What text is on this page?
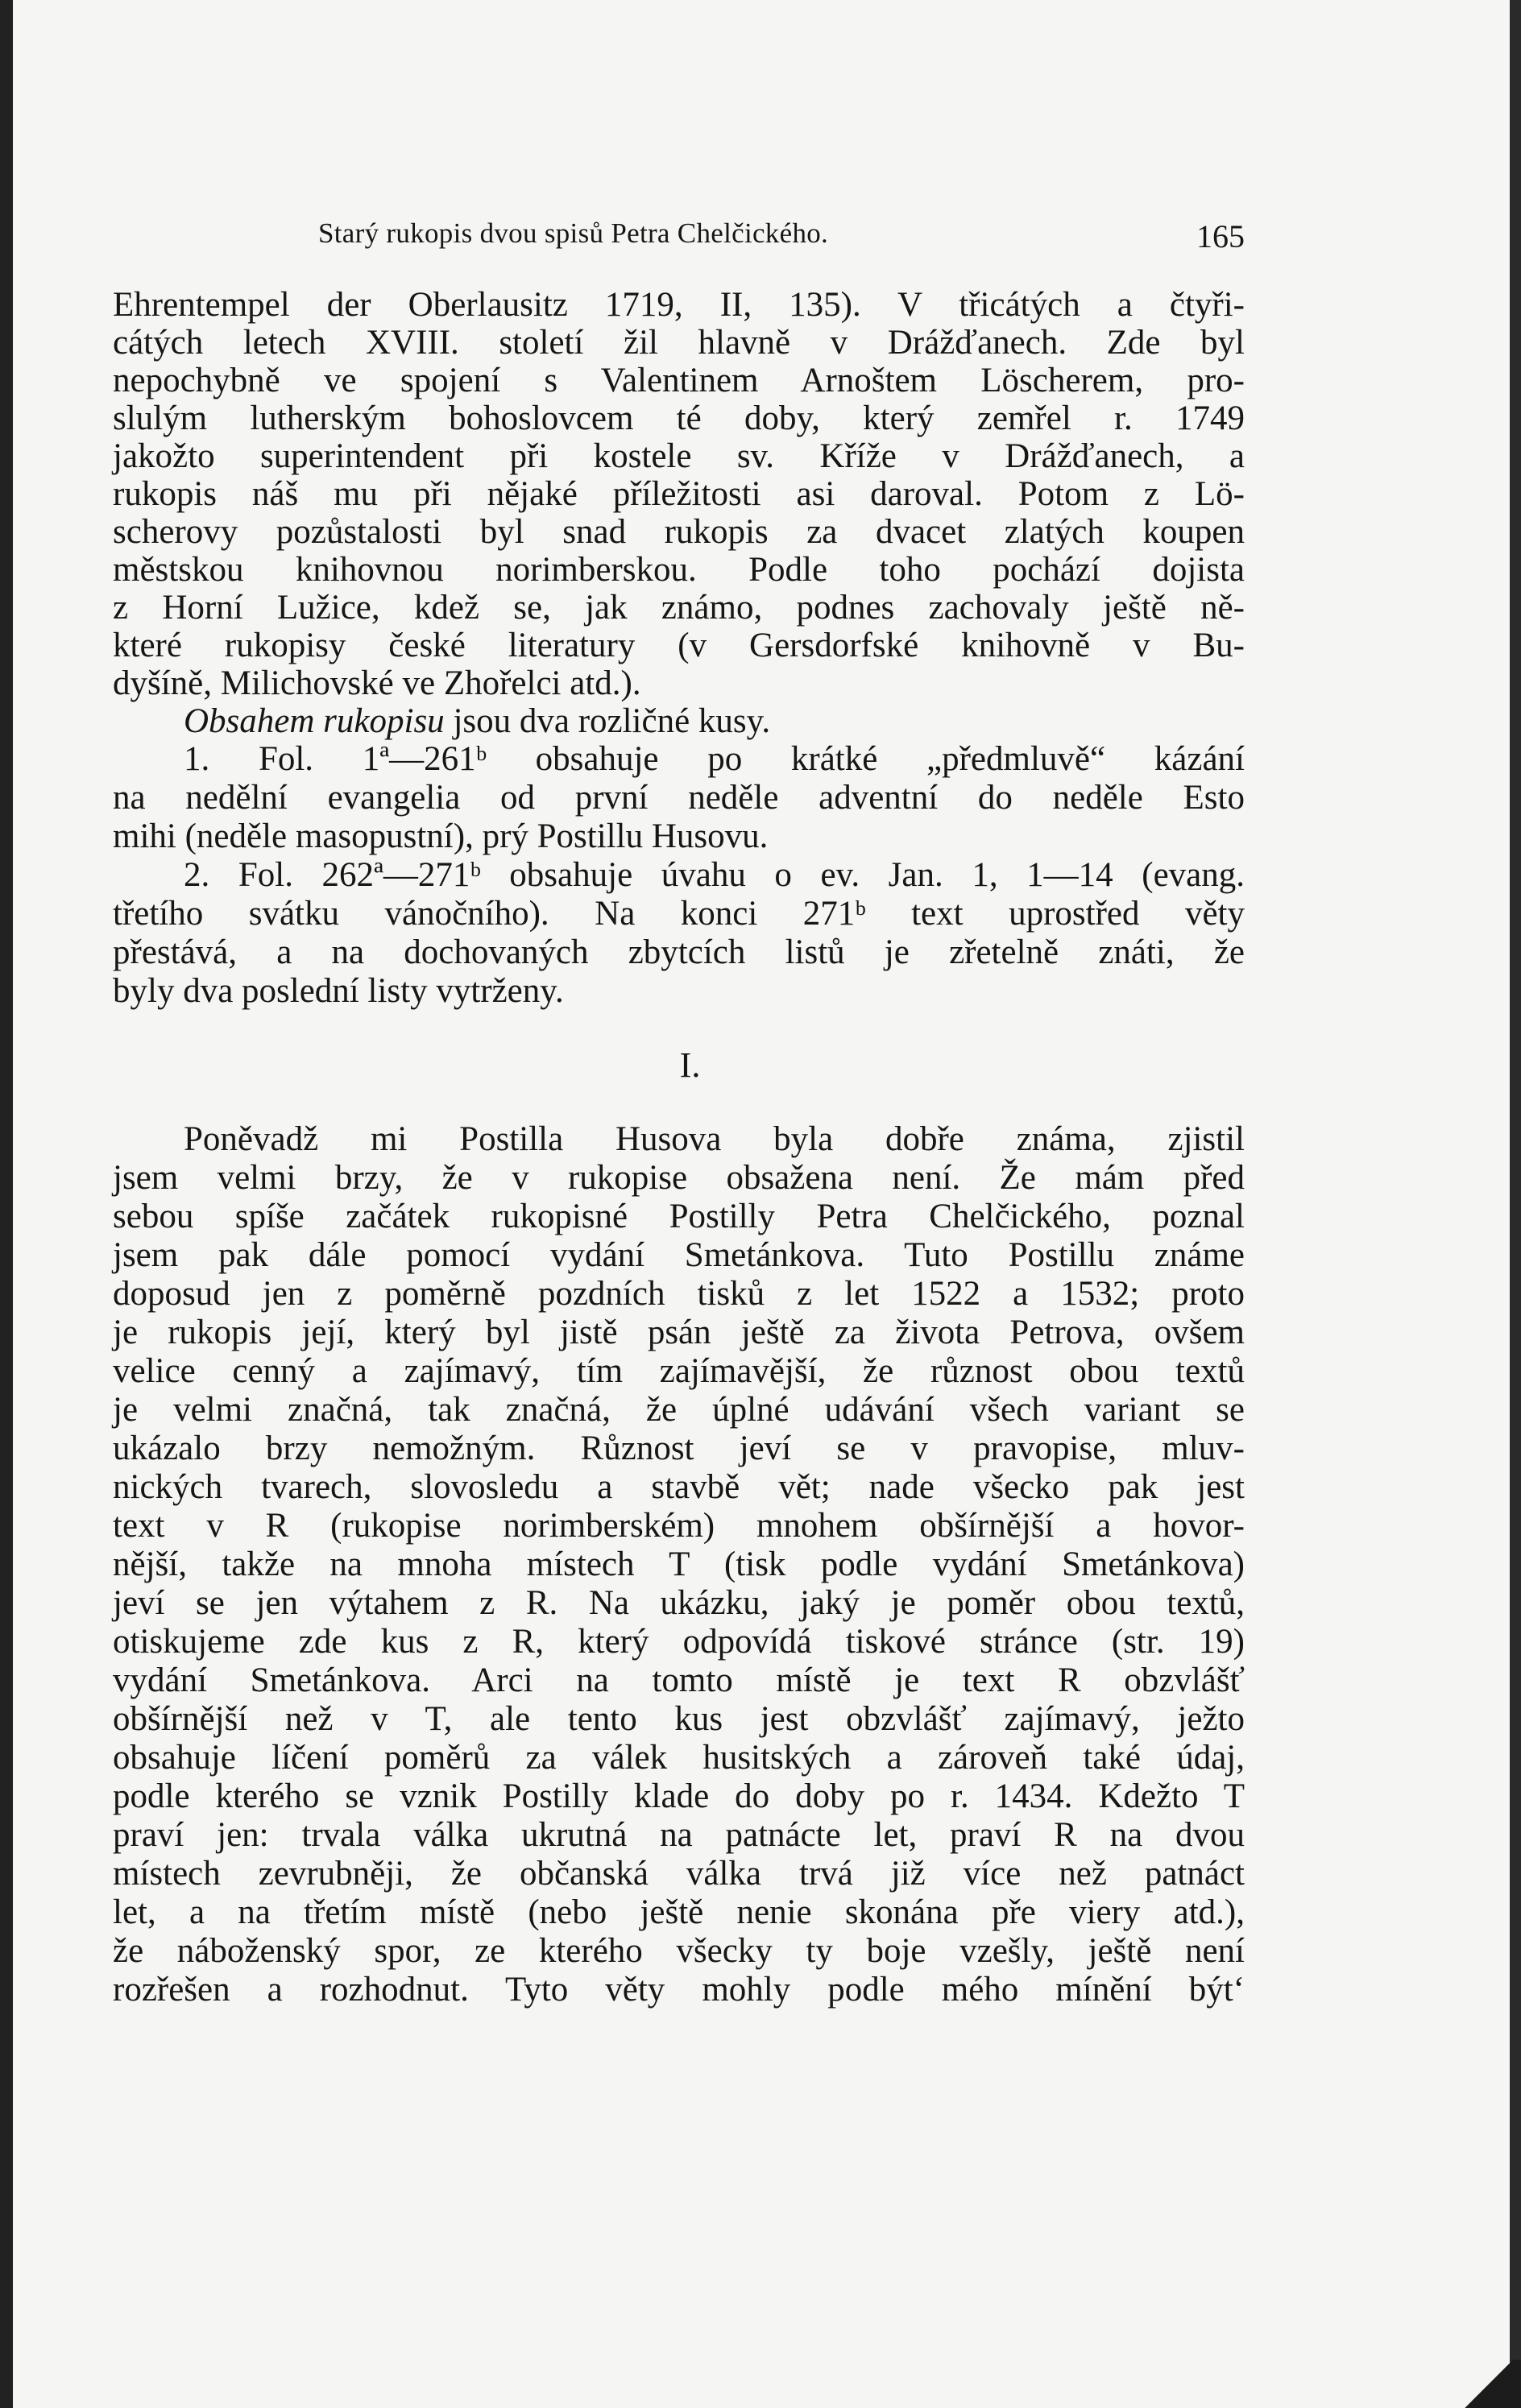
Starý rukopis dvou spisů Petra Chelčického.	165
Ehrentempel der Oberlausitz 1719, II, 135). V třicátých a čtyři-
cátých letech XVIII. století žil hlavně v Drážďanech. Zde byl
nepochybně ve spojení s Valentinem Arnoštem Löscherem, pro-
slulým lutherským bohoslovcem té doby, který zemřel r. 1749
jakožto superintendent při kostele sv. Kříže v Drážďanech, a
rukopis náš mu při nějaké příležitosti asi daroval. Potom z Lö-
scherovy pozůstalosti byl snad rukopis za dvacet zlatých koupen
městskou knihovnou norimberskou. Podle toho pochází dojista
z Horní Lužice, kdež se, jak známo, podnes zachovaly ještě ně-
které rukopisy české literatury (v Gersdorfské knihovně v Bu-
dyšíně, Milichovské ve Zhořelci atd.).
Obsahem rukopisu jsou dva rozličné kusy.
1. Fol. 1ª—261ᵇ obsahuje po krátké „předmluvě“ kázání
na nedělní evangelia od první neděle adventní do neděle Esto
mihi (neděle masopustní), prý Postillu Husovu.
2. Fol. 262ª—271ᵇ obsahuje úvahu o ev. Jan. 1, 1—14 (evang.
třetího svátku vánočního). Na konci 271ᵇ text uprostřed věty
přestává, a na dochovaných zbytcích listů je zřetelně znáti, že
byly dva poslední listy vytrženy.
I.
Poněvadž mi Postilla Husova byla dobře známa, zjistil
jsem velmi brzy, že v rukopise obsažena není. Že mám před
sebou spíše začátek rukopisné Postilly Petra Chelčického, poznal
jsem pak dále pomocí vydání Smetánkova. Tuto Postillu známe
doposud jen z poměrně pozdních tisků z let 1522 a 1532; proto
je rukopis její, který byl jistě psán ještě za života Petrova, ovšem
velice cenný a zajímavý, tím zajímavější, že různost obou textů
je velmi značná, tak značná, že úplné udávání všech variant se
ukázalo brzy nemožným. Různost jeví se v pravopise, mluv-
nických tvarech, slovosledu a stavbě vět; nade všecko pak jest
text v R (rukopise norimberském) mnohem obšírnější a hovor-
nější, takže na mnoha místech T (tisk podle vydání Smetánkova)
jeví se jen výtahem z R. Na ukázku, jaký je poměr obou textů,
otiskujeme zde kus z R, který odpovídá tiskové stránce (str. 19)
vydání Smetánkova. Arci na tomto místě je text R obzvlášť
obšírnější než v T, ale tento kus jest obzvlášť zajímavý, ježto
obsahuje líčení poměrů za válek husitských a zároveň také údaj,
podle kterého se vznik Postilly klade do doby po r. 1434. Kdežto T
praví jen: trvala válka ukrutná na patnácte let, praví R na dvou
místech zevrubněji, že občanská válka trvá již více než patnáct
let, a na třetím místě (nebo ještě nenie skonána pře viery atd.),
že náboženský spor, ze kterého všecky ty boje vzešly, ještě není
rozřešen a rozhodnut. Tyto věty mohly podle mého mínění být‘
